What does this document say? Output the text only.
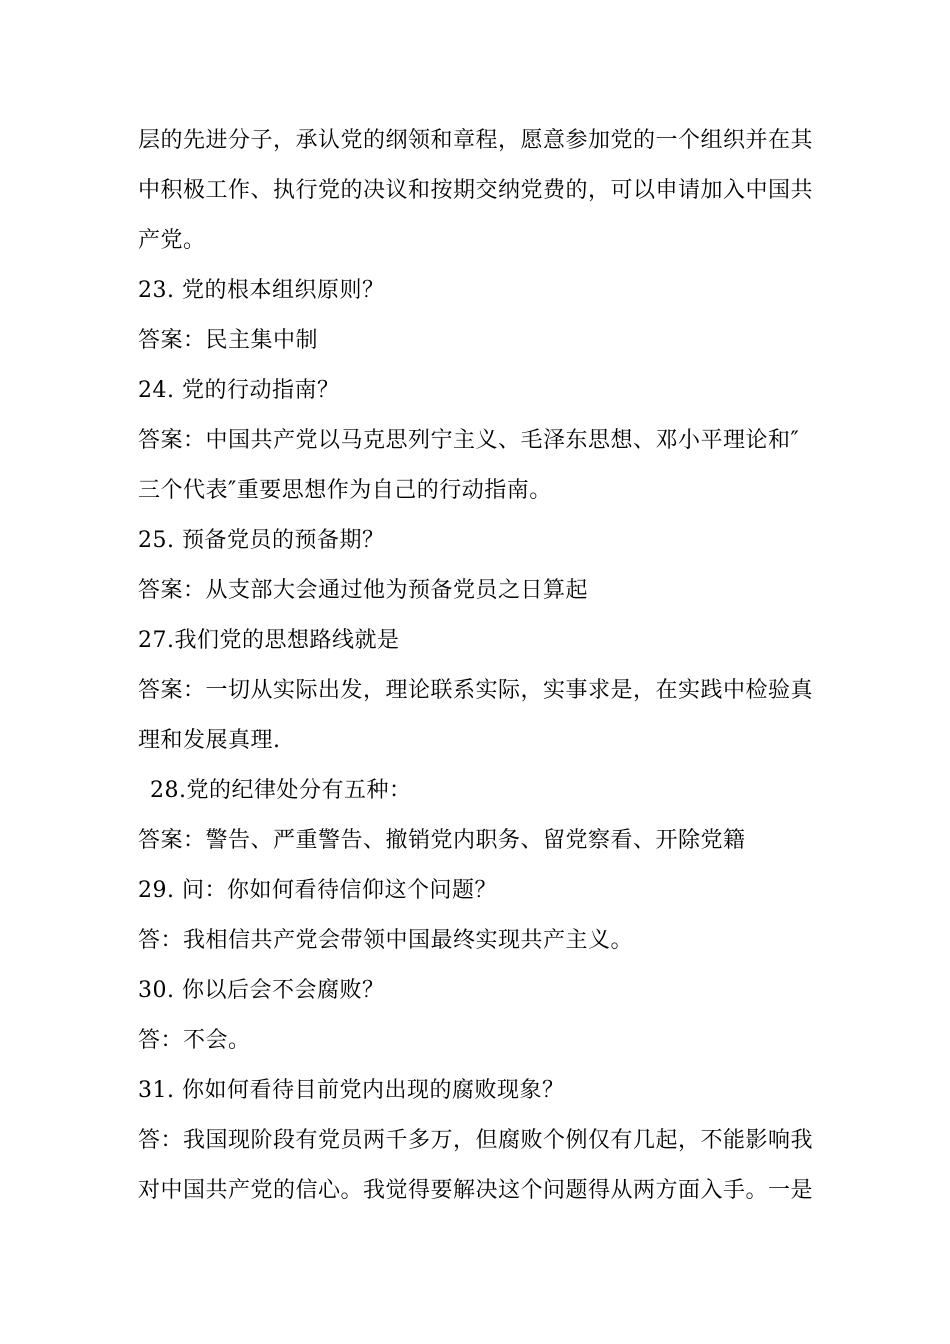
层的先进分子，承认党的纲领和章程，愿意参加党的一个组织并在其
中积极工作、执行党的决议和按期交纳党费的，可以申请加入中国共
产党。
23. 党的根本组织原则？
答案：民主集中制
24. 党的行动指南？
答案：中国共产党以马克思列宁主义、毛泽东思想、邓小平理论和″
三个代表″重要思想作为自己的行动指南。
25. 预备党员的预备期？
答案：从支部大会通过他为预备党员之日算起
27.我们党的思想路线就是
答案：一切从实际出发，理论联系实际，实事求是，在实践中检验真
理和发展真理.
28.党的纪律处分有五种：
答案：警告、严重警告、撤销党内职务、留党察看、开除党籍
29. 问：你如何看待信仰这个问题？
答：我相信共产党会带领中国最终实现共产主义。
30. 你以后会不会腐败？
答：不会。
31. 你如何看待目前党内出现的腐败现象？
答：我国现阶段有党员两千多万，但腐败个例仅有几起，不能影响我
对中国共产党的信心。我觉得要解决这个问题得从两方面入手。一是
